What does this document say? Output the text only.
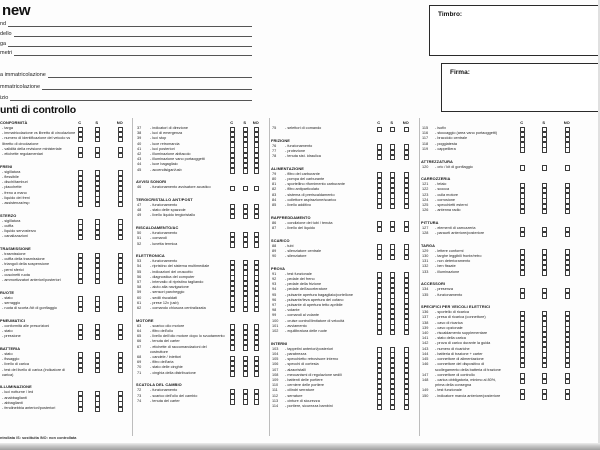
new
nd
dello
ga
metri
a immatricolazione
mmatricolazione
izio
Timbro:
Firma:
unti di controllo
CONFORMITÀ
- targa
- immatricolazione vs libretto di circolazione
- numero di identificazione del veicolo vs libretto di circolazione
- validità della revisione ministeriale
- etichette regolamentari
FRENI
- sigillatura
- flessibile
- dischi/tamburi
- placchette
- freno a mano
- liquido dei freni
- assistenza/esp
STERZO
- sigillatura
- cuffia
- liquido servosterzo
- canalizzazioni
TRASMISSIONE
- trasmissione
- cuffia della trasmissione
- triangoli della sospensione
- perni sferici
- cuscinetti ruota
- ammortizzatori anteriori/posteriori
RUOTE
- stato
- serraggio
- ruota di scorta /kit di gonfiaggio
PNEUMATICI
- conformità alle prescrizioni
- stato
- pressione
BATTERIA
- stato
- fissaggio
- livello di carica
- test del livello di carica (indicatore di carica)
ILLUMINAZIONE
- luci notturne / led
- anabbaglianti
- abbaglianti
- fendinebbia anteriori/posteriori
C	S	NO
37	- indicatori di direzione
38	- luci di emergenza
39	- luci stop
40	- luce retromarcia
41	- luci posteriori
42	- illuminazione abitacolo
43	- illuminazione vano portaoggetti
44	- luce bagagliaio
45	- accendisigari/usb
AVVISI SONORI
46	- funzionamento avvisatore acustico
TERGICRISTALLO ANT/POST
47	- funzionamento
48	- stato delle spazzole
49	- livello liquido tergicristallo
RISCALDAMENTO/AC
50	- funzionamento
51	- comandi
52	- lunetta termica
ELETTRONICA
53	- funzionamento
54	- ripristino del sistema multimediale
55	- indicazioni del cruscotto
56	- diagnostica del computer
57	- intervallo di ripristino tagliando
58	- aiuto alla navigazione
59	- sensori parcheggio
60	- sedili riscaldati
61	- prese 12v (usb)
62	- comando chiusura centralizzata
MOTORE
63	- scarico olio motore
64	- filtro dell'olio
65	- livello dell'olio motore dopo lo svuotamento
66	- tenuta del carter
67	- etichette di raccomandazioni del costruttore
68	- candele / iniettori
69	- filtro dell'aria
70	- stato delle cinghie
71	- cinghia della distribuzione
SCATOLA DEL CAMBIO
72	- funzionamento
73	- scarico dell'olio del cambio
74	- tenuta del carter
C	S NO
75	- selettori di comando
FRIZIONE
76	- funzionamento
77	- protezione
78	- tenuta sist. idraulica
ALIMENTAZIONE
79	- filtro del carburante
80	- pompa del carburante
81	- sportellino rifornimento carburante
82	- filtro antiparticolato
83	- sistema di preriscaldamento
84	- collettore aspirazione/scarico
85	- livello additivo
RAFFREDDAMENTO
86	- condizione dei tubi / tenuta
87	- livello del liquido
SCARICO
88	- tubi
89	- silenziatore centrale
90	- silenziatore
PROVA
91	- test funzionale
92	- pedale del freno
93	- pedale della frizione
94	- pedale dell'acceleratore
95	- pulsante apertura bagagliaio/portellone
96	- pulsante/leva apertura del cofano
97	- pulsante di apertura tetto apribile
98	- volante
99	- comandi al volante
100	- cruise control/limitatore di velocità
101	- avviamento
102	- equilibratura delle ruote
INTERNI
103	- tappetini anteriori/posteriori
104	- parabrezza
105	- specchietto retrovisore interno
106	- specchi di cortesia
107	- alzacristalli
108	- meccanismi di regolazione sedili
109	- battenti delle portiere
110	- cerniere delle portiere
111	- cilindri serrature
112	- serrature
113	- cinture di sicurezza
114	- portiere, sicurezza bambini
C	S NO
115	- isofix
116	- stoccaggio (area vano portaoggetti)
117	- bracciolo centrale
118	- poggiatesta
119	- cappelliera
ATTREZZATURA
120	- cric / kit di gonfiaggio
CARROZZERIA
121	- telaio
122	- scocca
123	- culla motore
124	- corrosione
125	- specchietti esterni
126	- antenna radio
PITTURA
127	- elementi di carrozzeria
128	- paraurti anteriore/posteriore
TARGA
129	- lettere conformi
130	- targhe leggibili fronte/retro
131	- non deterioramento
132	- ben fissate
133	- illuminazione
ACCESSORI
134	- presenza
135	- funzionamento
SPECIFICI PER VEICOLI ELETTRICI
136	- sportello di ricarica
137	- presa di ricarica (connettore)
138	- cavo di ricarica
139	- cavo opzionale
140	- riscaldamento supplementare
141	- stato della carica
142	- prova di carico durante la guida
143	- numero di ricariche
144	- batteria di trazione + carter
145	- connettore di alimentazione
146	- connettore del dispositivo di scollegamento della batteria di trazione
147	- connettore di controllo
148	- carica obbligatoria, minimo al 80%, prima della consegna
149	- test funzionale
150	- indicatore marcia anteriore/posteriore
C	S	NO
ntrollata /S: sostituita /NO: non controllata
